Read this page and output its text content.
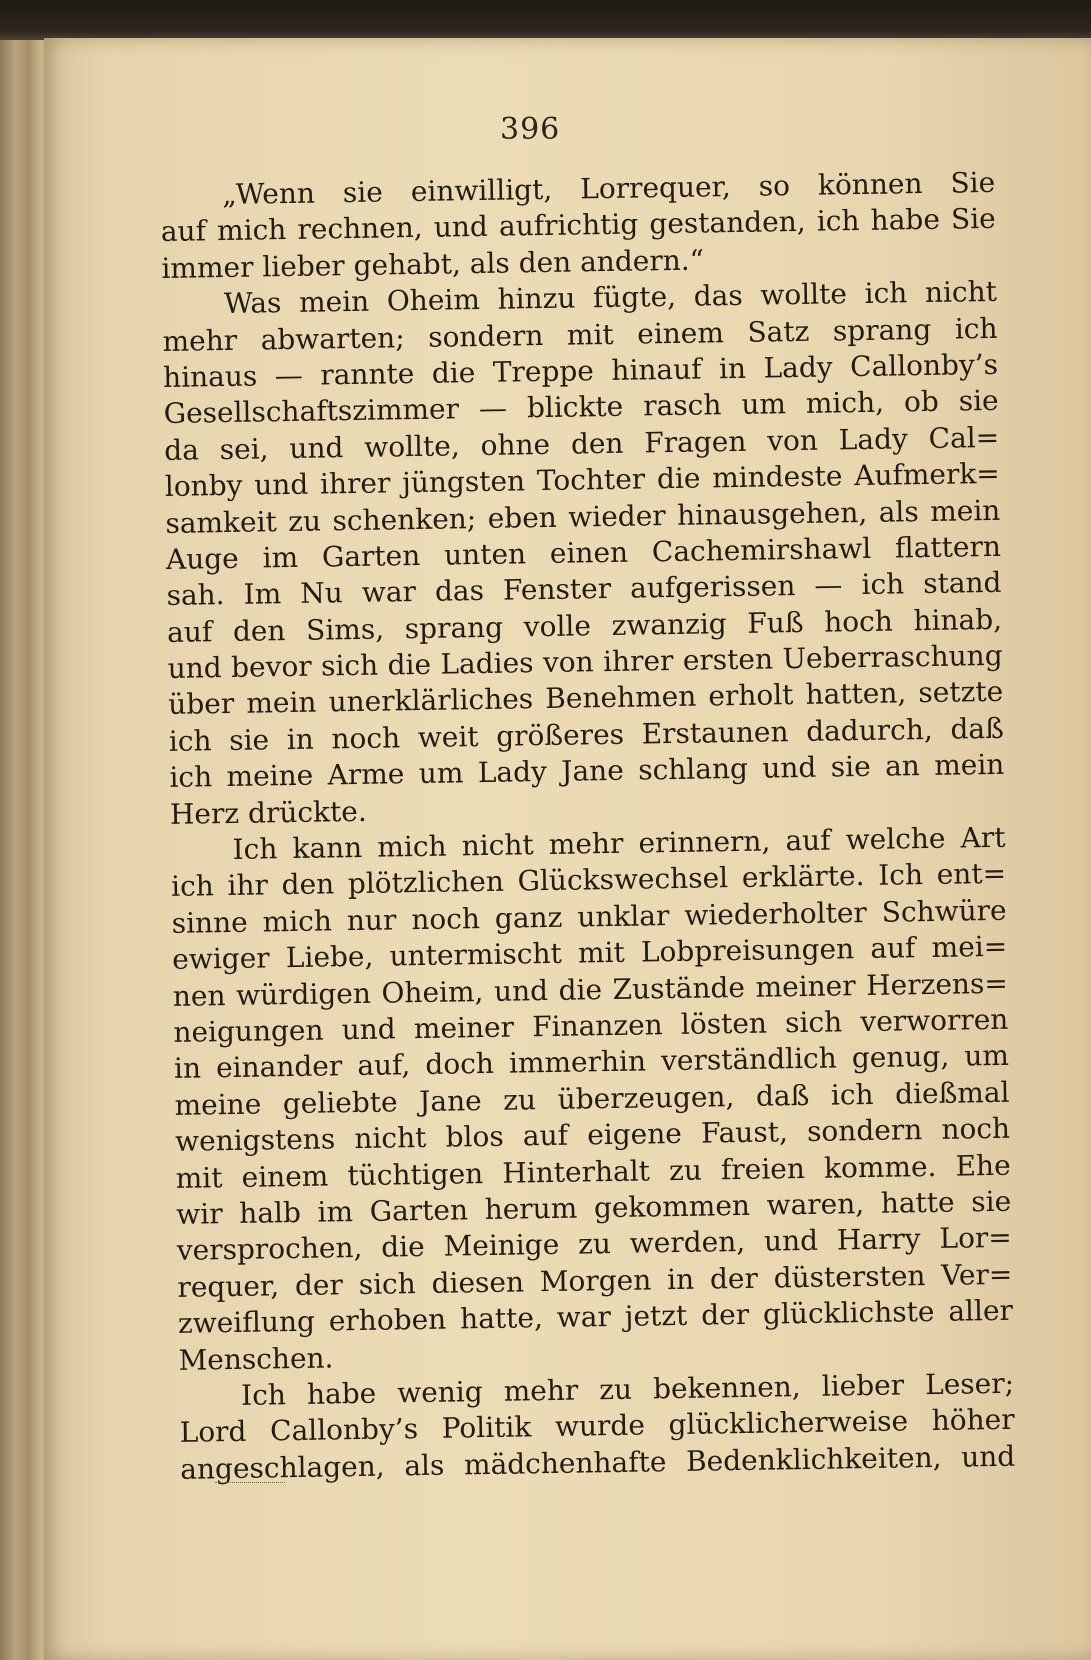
396
„Wenn sie einwilligt, Lorrequer, so können Sie
auf mich rechnen, und aufrichtig gestanden, ich habe Sie
immer lieber gehabt, als den andern.“
Was mein Oheim hinzu fügte, das wollte ich nicht
mehr abwarten; sondern mit einem Satz sprang ich
hinaus — rannte die Treppe hinauf in Lady Callonby’s
Gesellschaftszimmer — blickte rasch um mich, ob sie
da sei, und wollte, ohne den Fragen von Lady Cal=
lonby und ihrer jüngsten Tochter die mindeste Aufmerk=
samkeit zu schenken; eben wieder hinausgehen, als mein
Auge im Garten unten einen Cachemirshawl flattern
sah. Im Nu war das Fenster aufgerissen — ich stand
auf den Sims, sprang volle zwanzig Fuß hoch hinab,
und bevor sich die Ladies von ihrer ersten Ueberraschung
über mein unerklärliches Benehmen erholt hatten, setzte
ich sie in noch weit größeres Erstaunen dadurch, daß
ich meine Arme um Lady Jane schlang und sie an mein
Herz drückte.
Ich kann mich nicht mehr erinnern, auf welche Art
ich ihr den plötzlichen Glückswechsel erklärte. Ich ent=
sinne mich nur noch ganz unklar wiederholter Schwüre
ewiger Liebe, untermischt mit Lobpreisungen auf mei=
nen würdigen Oheim, und die Zustände meiner Herzens=
neigungen und meiner Finanzen lösten sich verworren
in einander auf, doch immerhin verständlich genug, um
meine geliebte Jane zu überzeugen, daß ich dießmal
wenigstens nicht blos auf eigene Faust, sondern noch
mit einem tüchtigen Hinterhalt zu freien komme. Ehe
wir halb im Garten herum gekommen waren, hatte sie
versprochen, die Meinige zu werden, und Harry Lor=
requer, der sich diesen Morgen in der düstersten Ver=
zweiflung erhoben hatte, war jetzt der glücklichste aller
Menschen.
Ich habe wenig mehr zu bekennen, lieber Leser;
Lord Callonby’s Politik wurde glücklicherweise höher
angeschlagen, als mädchenhafte Bedenklichkeiten, und
